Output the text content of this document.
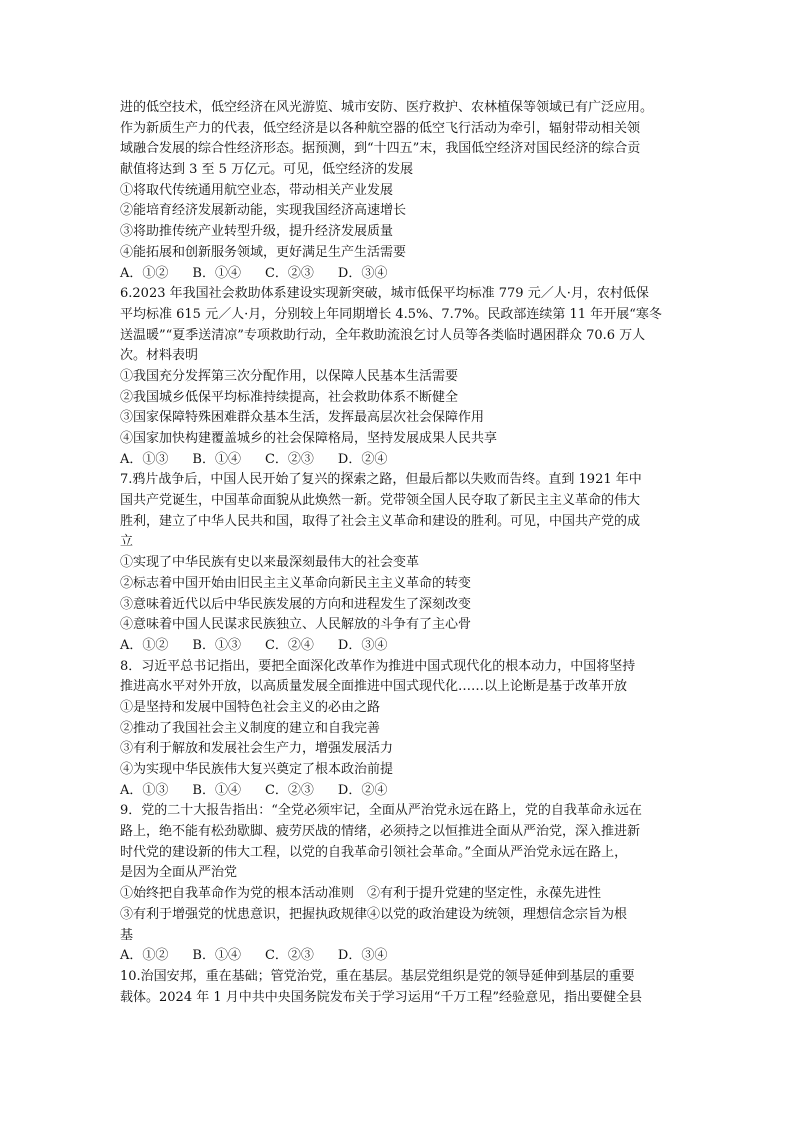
进的低空技术，低空经济在风光游览、城市安防、医疗救护、农林植保等领域已有广泛应用。
作为新质生产力的代表，低空经济是以各种航空器的低空飞行活动为牵引，辐射带动相关领
域融合发展的综合性经济形态。据预测，到“十四五”末，我国低空经济对国民经济的综合贡
献值将达到 3 至 5 万亿元。可见，低空经济的发展
①将取代传统通用航空业态，带动相关产业发展
②能培育经济发展新动能，实现我国经济高速增长
③将助推传统产业转型升级，提升经济发展质量
④能拓展和创新服务领域，更好满足生产生活需要
A．①② B．①④ C．②③ D．③④
6.2023 年我国社会救助体系建设实现新突破，城市低保平均标准 779 元／人·月，农村低保
平均标准 615 元／人·月，分别较上年同期增长 4.5%、7.7%。民政部连续第 11 年开展“寒冬
送温暖”“夏季送清凉”专项救助行动，全年救助流浪乞讨人员等各类临时遇困群众 70.6 万人
次。材料表明
①我国充分发挥第三次分配作用，以保障人民基本生活需要
②我国城乡低保平均标准持续提高，社会救助体系不断健全
③国家保障特殊困难群众基本生活，发挥最高层次社会保障作用
④国家加快构建覆盖城乡的社会保障格局，坚持发展成果人民共享
A．①③ B．①④ C．②③ D．②④
7.鸦片战争后，中国人民开始了复兴的探索之路，但最后都以失败而告终。直到 1921 年中
国共产党诞生，中国革命面貌从此焕然一新。党带领全国人民夺取了新民主主义革命的伟大
胜利，建立了中华人民共和国，取得了社会主义革命和建设的胜利。可见，中国共产党的成
立
①实现了中华民族有史以来最深刻最伟大的社会变革
②标志着中国开始由旧民主主义革命向新民主主义革命的转变
③意味着近代以后中华民族发展的方向和进程发生了深刻改变
④意味着中国人民谋求民族独立、人民解放的斗争有了主心骨
A．①② B．①③ C．②④ D．③④
8．习近平总书记指出，要把全面深化改革作为推进中国式现代化的根本动力，中国将坚持
推进高水平对外开放，以高质量发展全面推进中国式现代化……以上论断是基于改革开放
①是坚持和发展中国特色社会主义的必由之路
②推动了我国社会主义制度的建立和自我完善
③有利于解放和发展社会生产力，增强发展活力
④为实现中华民族伟大复兴奠定了根本政治前提
A．①③ B．①④ C．②③ D．②④
9．党的二十大报告指出：“全党必须牢记，全面从严治党永远在路上，党的自我革命永远在
路上，绝不能有松劲歇脚、疲劳厌战的情绪，必须持之以恒推进全面从严治党，深入推进新
时代党的建设新的伟大工程，以党的自我革命引领社会革命。”全面从严治党永远在路上，
是因为全面从严治党
①始终把自我革命作为党的根本活动准则　②有利于提升党建的坚定性，永葆先进性
③有利于增强党的忧患意识，把握执政规律④以党的政治建设为统领，理想信念宗旨为根
基
A．①② B．①④ C．②③ D．③④
10.治国安邦，重在基础；管党治党，重在基层。基层党组织是党的领导延伸到基层的重要
载体。2024 年 1 月中共中央国务院发布关于学习运用“千万工程”经验意见，指出要健全县
